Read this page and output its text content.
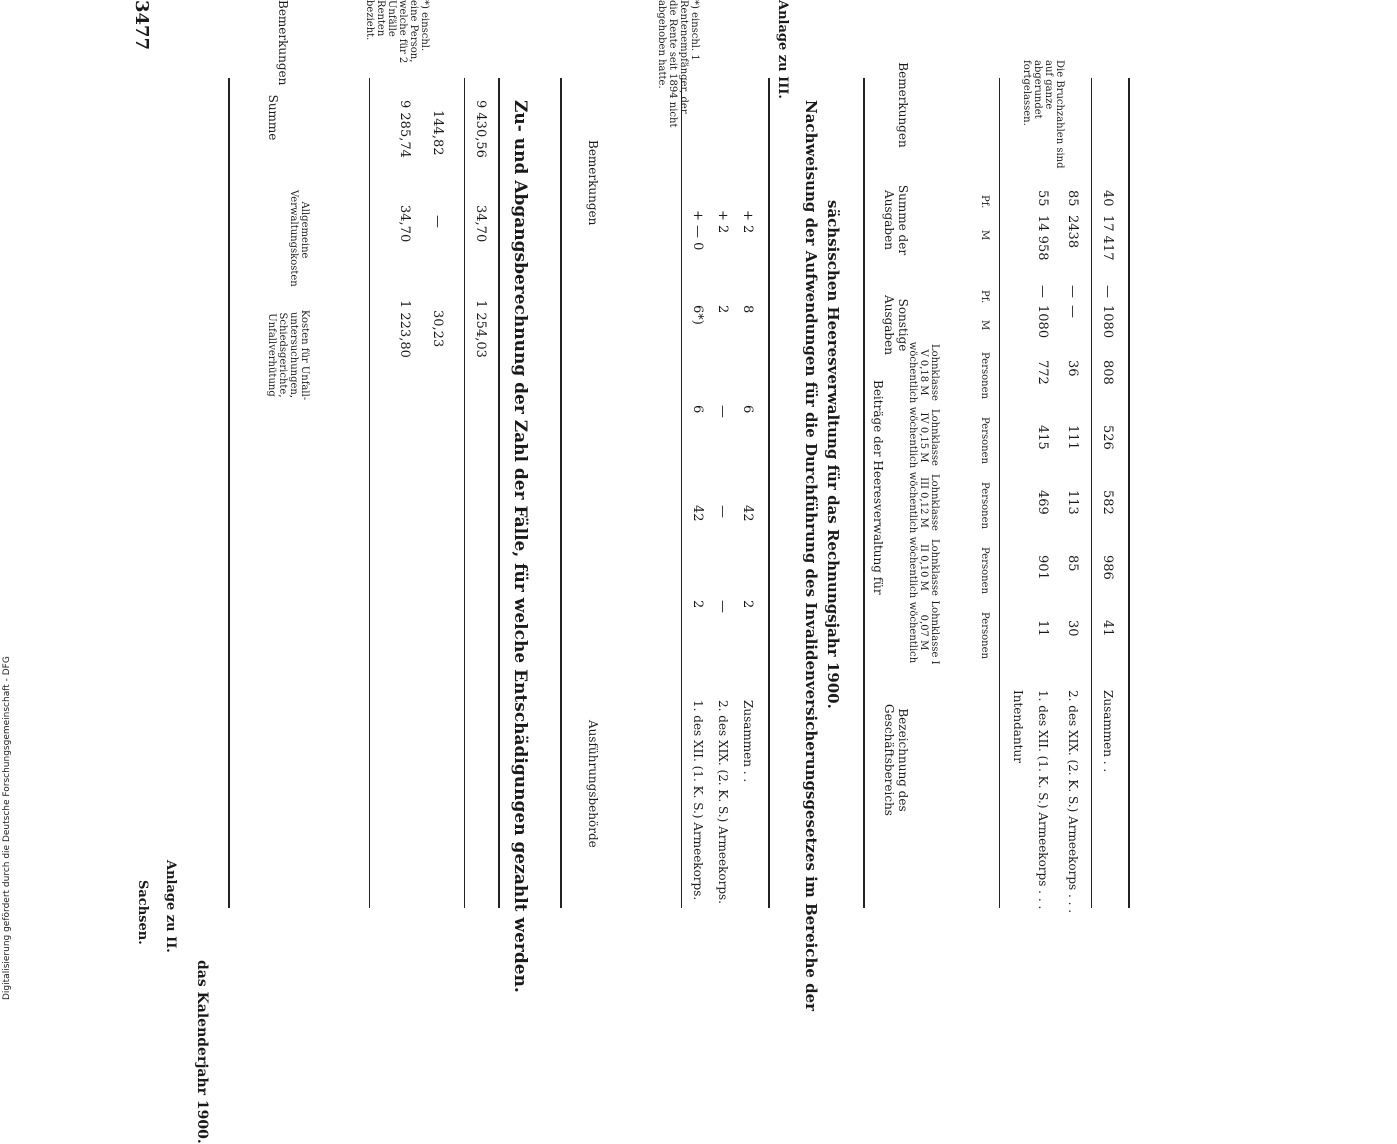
3477
Sachsen. Anlage zu II.
das Kalenderjahr 1900.
Summe
Allgemeine Verwaltungskosten
Kosten für Unfall-untersuchungen, Schiedsgerichte, Unfallverhütung
Bemerkungen
1 223,80
34,70
9 285,74
30,23
—
144,82
1 254,03
34,70
9 430,56
*) einschl. eine Person, welche für 2 Unfälle Renten bezieht.
Zu- und Abgangsberechnung der Zahl der Fälle, für welche Entschädigungen gezahlt werden.	Ausführungsbehörde
Bemerkungen
1. des XII. (1. K. S.) Armeekorps.
2
42
6
6*)
+ — 0
2. des XIX. (2. K. S.) Armeekorps.
—
—
—
2
+ 2
Zusammen . .
2
42
6
8
+ 2
*) einschl. 1 Rentenempfänger, der die Rente seit 1894 nicht abgehoben hatte.	Anlage zu III.
Nachweisung der Aufwendungen für die Durchführung des Invalidenversicherungsgesetzes im Bereiche der sächsischen Heeresverwaltung für das Rechnungsjahr 1900.
Bezeichnung des Geschäftsbereichs
Beiträge der Heeresverwaltung für
Sonstige Ausgaben
Summe der Ausgaben
Bemerkungen
Lohnklasse I 0,07 M wöchentlich
Lohnklasse II 0,10 M wöchentlich
Lohnklasse III 0,12 M wöchentlich
Lohnklasse IV 0,15 M wöchentlich
Lohnklasse V 0,18 M wöchentlich
Personen
Personen
Personen
Personen
Personen
M
Pf.
M
Pf.
Intendantur 1. des XII. (1. K. S.) Armeekorps . . .
11
901
469
415
772
1080
—
14 958
55
2. des XIX. (2. K. S.) Armeekorps . . .
30
85
113
111
36
—
—
2438
85
Zusammen . .
41
986
582
526
808
1080
—
17 417
40
Die Bruchzahlen sind auf ganze abgerundet fortgelassen.
Digitalisierung gefördert durch die Deutsche Forschungsgemeinschaft - DFG
